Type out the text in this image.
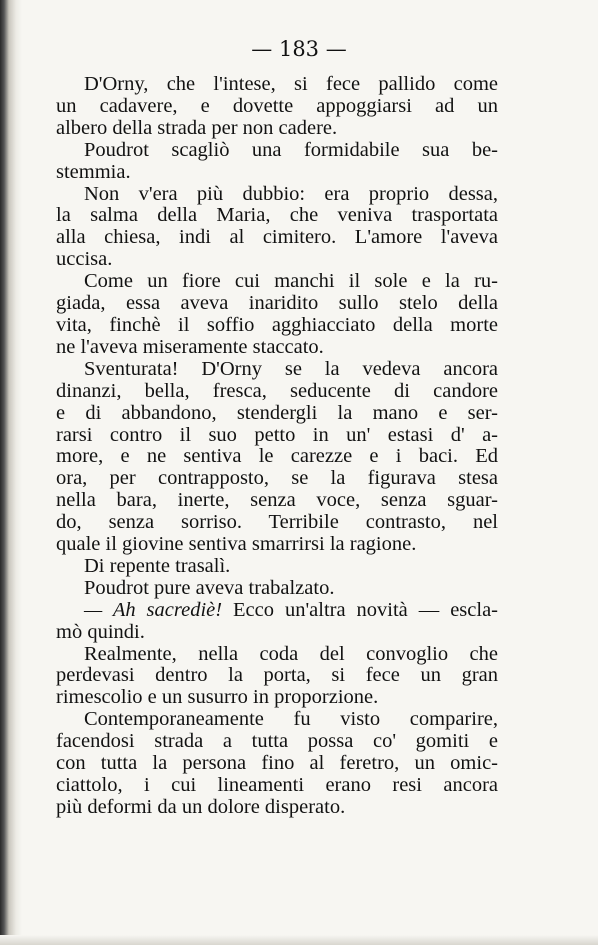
— 183 —

D'Orny, che l'intese, si fece pallido come
un cadavere, e dovette appoggiarsi ad un
albero della strada per non cadere.

Poudrot scagliò una formidabile sua be-
stemmia.

Non v'era più dubbio: era proprio dessa,
la salma della Maria, che veniva trasportata
alla chiesa, indi al cimitero. L'amore l'aveva
uccisa.

Come un fiore cui manchi il sole e la ru-
giada, essa aveva inaridito sullo stelo della
vita, finchè il soffio agghiacciato della morte
ne l'aveva miseramente staccato.

Sventurata! D'Orny se la vedeva ancora
dinanzi, bella, fresca, seducente di candore
e di abbandono, stendergli la mano e ser-
rarsi contro il suo petto in un' estasi d' a-
more, e ne sentiva le carezze e i baci. Ed
ora, per contrapposto, se la figurava stesa
nella bara, inerte, senza voce, senza sguar-
do, senza sorriso. Terribile contrasto, nel
quale il giovine sentiva smarrirsi la ragione.

Di repente trasalì.

Poudrot pure aveva trabalzato.

— Ah sacrediè! Ecco un'altra novità — escla-
mò quindi.

Realmente, nella coda del convoglio che
perdevasi dentro la porta, si fece un gran
rimescolio e un susurro in proporzione.

Contemporaneamente fu visto comparire,
facendosi strada a tutta possa co' gomiti e
con tutta la persona fino al feretro, un omic-
ciattolo, i cui lineamenti erano resi ancora
più deformi da un dolore disperato.
